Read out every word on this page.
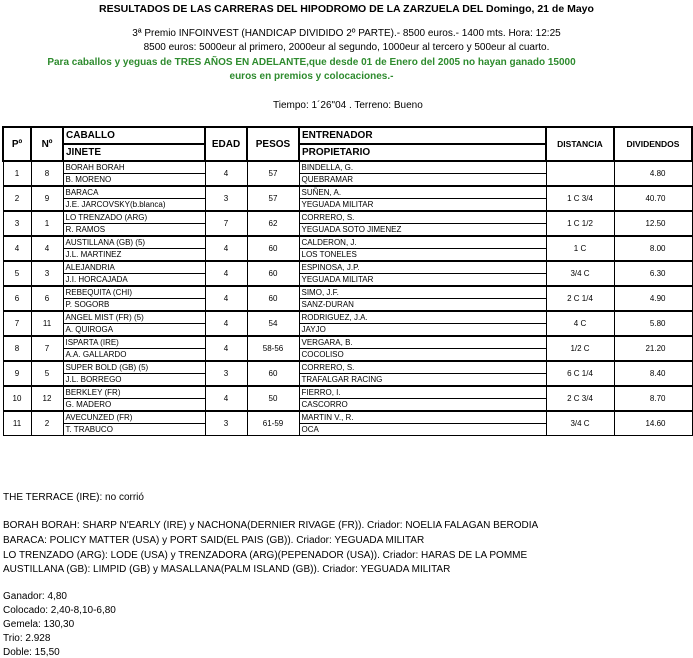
RESULTADOS DE LAS CARRERAS DEL HIPODROMO DE LA ZARZUELA DEL Domingo, 21 de Mayo
3ª Premio INFOINVEST (HANDICAP DIVIDIDO 2º PARTE).- 8500 euros.- 1400 mts. Hora: 12:25
8500 euros: 5000eur al primero, 2000eur al segundo, 1000eur al tercero y 500eur al cuarto.
Para caballos y yeguas de TRES AÑOS EN ADELANTE,que desde 01 de Enero del 2005 no hayan ganado 15000
euros en premios y colocaciones.-
Tiempo: 1´26"04 . Terreno: Bueno
Pº	Nº	CABALLO	EDAD	PESOS	ENTRENADOR	DISTANCIA	DIVIDENDOS
		JINETE			PROPIETARIO		
1	8	BORAH BORAH	4	57	BINDELLA, G.		4.80
		B. MORENO			QUEBRAMAR		
2	9	BARACA	3	57	SUÑEN, A.	1 C 3/4	40.70
		J.E. JARCOVSKY(b.blanca)			YEGUADA MILITAR		
3	1	LO TRENZADO (ARG)	7	62	CORRERO, S.	1 C 1/2	12.50
		R. RAMOS			YEGUADA SOTO JIMENEZ		
4	4	AUSTILLANA (GB) (5)	4	60	CALDERON, J.	1 C	8.00
		J.L. MARTINEZ			LOS TONELES		
5	3	ALEJANDRIA	4	60	ESPINOSA, J.P.	3/4 C	6.30
		J.I. HORCAJADA			YEGUADA MILITAR		
6	6	REBEQUITA (CHI)	4	60	SIMO, J.F.	2 C 1/4	4.90
		P. SOGORB			SANZ-DURAN		
7	11	ANGEL MIST (FR) (5)	4	54	RODRIGUEZ, J.A.	4 C	5.80
		A. QUIROGA			JAYJO		
8	7	ISPARTA (IRE)	4	58-56	VERGARA, B.	1/2 C	21.20
		A.A. GALLARDO			COCOLISO		
9	5	SUPER BOLD (GB) (5)	3	60	CORRERO, S.	6 C 1/4	8.40
		J.L. BORREGO			TRAFALGAR RACING		
10	12	BERKLEY (FR)	4	50	FIERRO, I.	2 C 3/4	8.70
		G. MADERO			CASCORRO		
11	2	AVECUNZED (FR)	3	61-59	MARTIN V., R.	3/4 C	14.60
		T. TRABUCO			OCA		
THE TERRACE (IRE): no corrió
BORAH BORAH: SHARP N'EARLY (IRE) y NACHONA(DERNIER RIVAGE (FR)). Criador: NOELIA FALAGAN BERODIA
BARACA: POLICY MATTER (USA) y PORT SAID(EL PAIS (GB)). Criador: YEGUADA MILITAR
LO TRENZADO (ARG): LODE (USA) y TRENZADORA (ARG)(PEPENADOR (USA)). Criador: HARAS DE LA POMME
AUSTILLANA (GB): LIMPID (GB) y MASALLANA(PALM ISLAND (GB)). Criador: YEGUADA MILITAR
Ganador: 4,80
Colocado: 2,40-8,10-6,80
Gemela: 130,30
Trio: 2.928
Doble: 15,50
